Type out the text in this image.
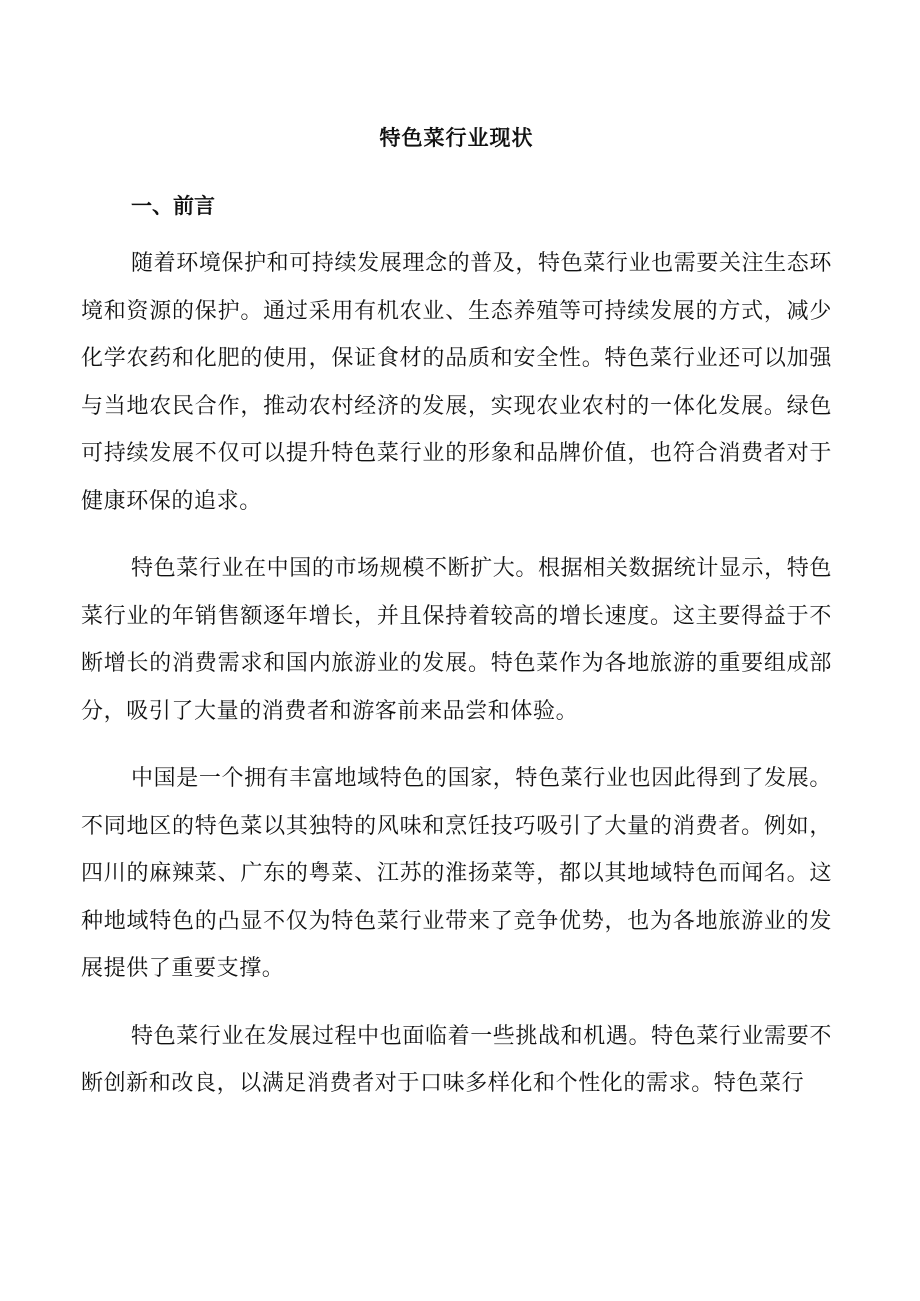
特色菜行业现状
一、前言

随着环境保护和可持续发展理念的普及，特色菜行业也需要关注生态环境和资源的保护。通过采用有机农业、生态养殖等可持续发展的方式，减少化学农药和化肥的使用，保证食材的品质和安全性。特色菜行业还可以加强与当地农民合作，推动农村经济的发展，实现农业农村的一体化发展。绿色可持续发展不仅可以提升特色菜行业的形象和品牌价值，也符合消费者对于健康环保的追求。

特色菜行业在中国的市场规模不断扩大。根据相关数据统计显示，特色菜行业的年销售额逐年增长，并且保持着较高的增长速度。这主要得益于不断增长的消费需求和国内旅游业的发展。特色菜作为各地旅游的重要组成部分，吸引了大量的消费者和游客前来品尝和体验。

中国是一个拥有丰富地域特色的国家，特色菜行业也因此得到了发展。不同地区的特色菜以其独特的风味和烹饪技巧吸引了大量的消费者。例如，四川的麻辣菜、广东的粤菜、江苏的淮扬菜等，都以其地域特色而闻名。这种地域特色的凸显不仅为特色菜行业带来了竞争优势，也为各地旅游业的发展提供了重要支撑。

特色菜行业在发展过程中也面临着一些挑战和机遇。特色菜行业需要不断创新和改良，以满足消费者对于口味多样化和个性化的需求。特色菜行
